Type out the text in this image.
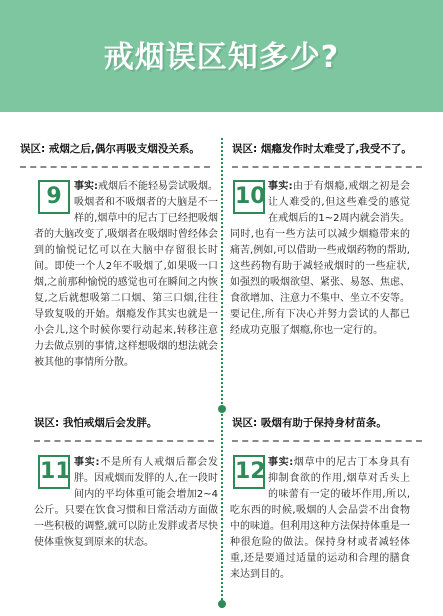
戒烟误区知多少?
误区: 戒烟之后,偶尔再吸支烟没关系。
9	事实:戒烟后不能轻易尝试吸烟。吸烟者和不吸烟者的大脑是不一样的,烟草中的尼古丁已经把吸烟者的大脑改变了,吸烟者在吸烟时曾经体会到的愉悦记忆可以在大脑中存留很长时间。即使一个人2年不吸烟了,如果吸一口烟,之前那种愉悦的感觉也可在瞬间之内恢复,之后就想吸第二口烟、第三口烟,往往导致复吸的开始。烟瘾发作其实也就是一小会儿,这个时候你要行动起来,转移注意力去做点别的事情,这样想吸烟的想法就会被其他的事情所分散。
误区: 烟瘾发作时太难受了,我受不了。
10 事实:由于有烟瘾,戒烟之初是会让人难受的,但这些难受的感觉在戒烟后的1~2周内就会消失。同时,也有一些方法可以减少烟瘾带来的痛苦,例如,可以借助一些戒烟药物的帮助,这些药物有助于减轻戒烟时的一些症状,如强烈的吸烟欲望、紧张、易怒、焦虑、食欲增加、注意力不集中、坐立不安等。要记住,所有下决心并努力尝试的人都已经成功克服了烟瘾,你也一定行的。
误区: 我怕戒烟后会发胖。
11 事实:不是所有人戒烟后都会发胖。因戒烟而发胖的人,在一段时间内的平均体重可能会增加2~4公斤。只要在饮食习惯和日常活动方面做一些积极的调整,就可以防止发胖或者尽快使体重恢复到原来的状态。
误区: 吸烟有助于保持身材苗条。
12 事实:烟草中的尼古丁本身具有抑制食欲的作用,烟草对舌头上的味蕾有一定的破坏作用,所以,吃东西的时候,吸烟的人会品尝不出食物中的味道。但利用这种方法保持体重是一种很危险的做法。保持身材或者减轻体重,还是要通过适量的运动和合理的膳食来达到目的。
